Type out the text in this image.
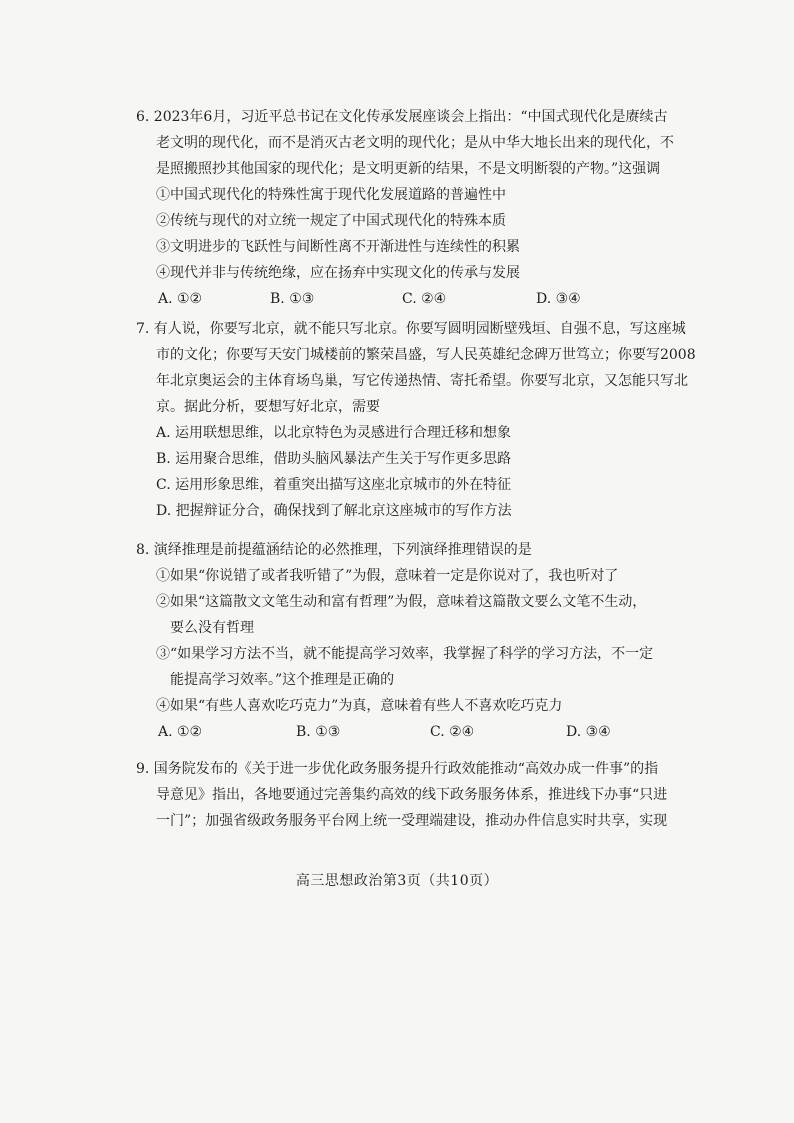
6. 2023年6月，习近平总书记在文化传承发展座谈会上指出：“中国式现代化是赓续古
老文明的现代化，而不是消灭古老文明的现代化；是从中华大地长出来的现代化，不
是照搬照抄其他国家的现代化；是文明更新的结果，不是文明断裂的产物。”这强调
①中国式现代化的特殊性寓于现代化发展道路的普遍性中
②传统与现代的对立统一规定了中国式现代化的特殊本质
③文明进步的飞跃性与间断性离不开渐进性与连续性的积累
④现代并非与传统绝缘，应在扬弃中实现文化的传承与发展
A. ①②	B. ①③	C. ②④	D. ③④
7. 有人说，你要写北京，就不能只写北京。你要写圆明园断壁残垣、自强不息，写这座城
市的文化；你要写天安门城楼前的繁荣昌盛，写人民英雄纪念碑万世笃立；你要写2008
年北京奥运会的主体育场鸟巢，写它传递热情、寄托希望。你要写北京，又怎能只写北
京。据此分析，要想写好北京，需要
A. 运用联想思维，以北京特色为灵感进行合理迁移和想象
B. 运用聚合思维，借助头脑风暴法产生关于写作更多思路
C. 运用形象思维，着重突出描写这座北京城市的外在特征
D. 把握辩证分合，确保找到了解北京这座城市的写作方法
8. 演绎推理是前提蕴涵结论的必然推理，下列演绎推理错误的是
①如果“你说错了或者我听错了”为假，意味着一定是你说对了，我也听对了
②如果“这篇散文文笔生动和富有哲理”为假，意味着这篇散文要么文笔不生动，
要么没有哲理
③“如果学习方法不当，就不能提高学习效率，我掌握了科学的学习方法，不一定
能提高学习效率。”这个推理是正确的
④如果“有些人喜欢吃巧克力”为真，意味着有些人不喜欢吃巧克力
A. ①②	B. ①③	C. ②④	D. ③④
9. 国务院发布的《关于进一步优化政务服务提升行政效能推动“高效办成一件事”的指
导意见》指出，各地要通过完善集约高效的线下政务服务体系，推进线下办事“只进
一门”；加强省级政务服务平台网上统一受理端建设，推动办件信息实时共享，实现
高三思想政治第3页（共10页）
